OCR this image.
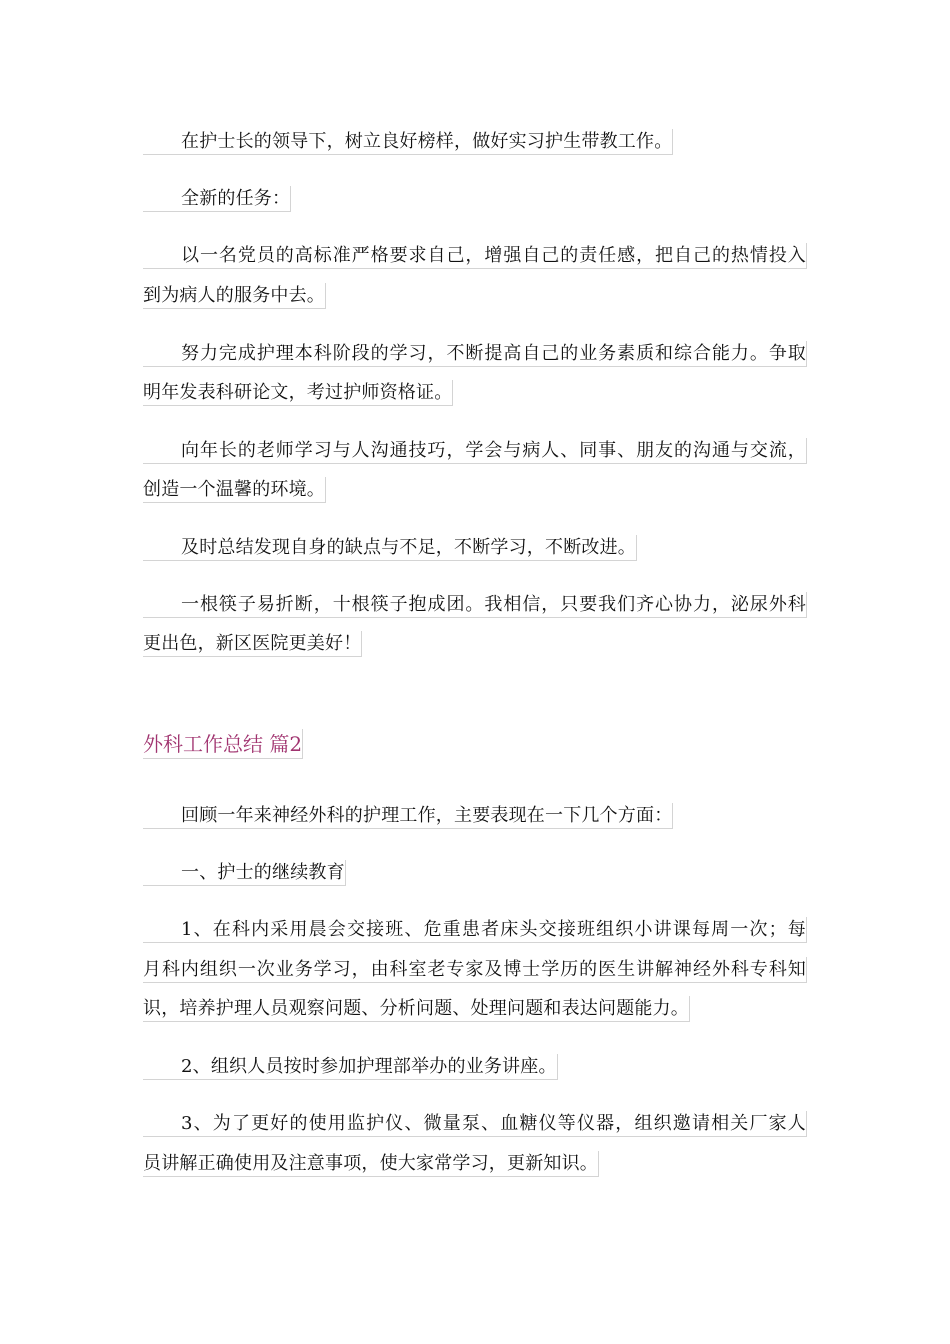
在护士长的领导下，树立良好榜样，做好实习护生带教工作。
全新的任务：
以一名党员的高标准严格要求自己，增强自己的责任感，把自己的热情投入
到为病人的服务中去。
努力完成护理本科阶段的学习，不断提高自己的业务素质和综合能力。争取
明年发表科研论文，考过护师资格证。
向年长的老师学习与人沟通技巧，学会与病人、同事、朋友的沟通与交流，
创造一个温馨的环境。
及时总结发现自身的缺点与不足，不断学习，不断改进。
一根筷子易折断，十根筷子抱成团。我相信，只要我们齐心协力，泌尿外科
更出色，新区医院更美好！
外科工作总结 篇2
回顾一年来神经外科的护理工作，主要表现在一下几个方面：
一、护士的继续教育
1、在科内采用晨会交接班、危重患者床头交接班组织小讲课每周一次；每
月科内组织一次业务学习，由科室老专家及博士学历的医生讲解神经外科专科知
识，培养护理人员观察问题、分析问题、处理问题和表达问题能力。
2、组织人员按时参加护理部举办的业务讲座。
3、为了更好的使用监护仪、微量泵、血糖仪等仪器，组织邀请相关厂家人
员讲解正确使用及注意事项，使大家常学习，更新知识。
